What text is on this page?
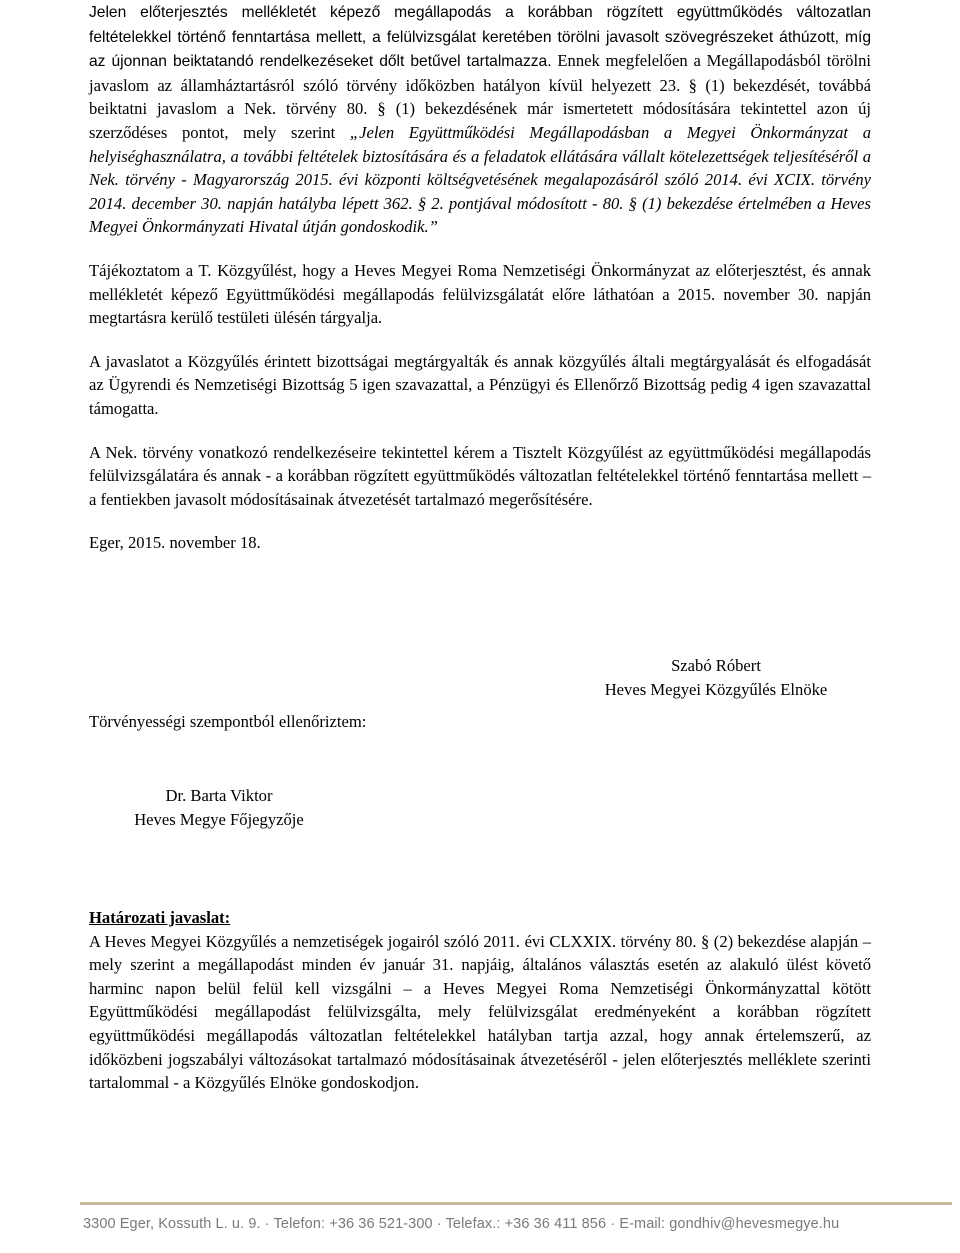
Jelen előterjesztés mellékletét képező megállapodás a korábban rögzített együttműködés változatlan feltételekkel történő fenntartása mellett, a felülvizsgálat keretében törölni javasolt szövegrészeket áthúzott, míg az újonnan beiktatandó rendelkezéseket dőlt betűvel tartalmazza. Ennek megfelelően a Megállapodásból törölni javaslom az államháztartásról szóló törvény időközben hatályon kívül helyezett 23. § (1) bekezdését, továbbá beiktatni javaslom a Nek. törvény 80. § (1) bekezdésének már ismertetett módosítására tekintettel azon új szerződéses pontot, mely szerint „Jelen Együttműködési Megállapodásban a Megyei Önkormányzat a helyiséghasználatra, a további feltételek biztosítására és a feladatok ellátására vállalt kötelezettségek teljesítéséről a Nek. törvény - Magyarország 2015. évi központi költségvetésének megalapozásáról szóló 2014. évi XCIX. törvény 2014. december 30. napján hatályba lépett 362. § 2. pontjával módosított - 80. § (1) bekezdése értelmében a Heves Megyei Önkormányzati Hivatal útján gondoskodik.”

Tájékoztatom a T. Közgyűlést, hogy a Heves Megyei Roma Nemzetiségi Önkormányzat az előterjesztést, és annak mellékletét képező Együttműködési megállapodás felülvizsgálatát előre láthatóan a 2015. november 30. napján megtartásra kerülő testületi ülésén tárgyalja.

A javaslatot a Közgyűlés érintett bizottságai megtárgyalták és annak közgyűlés általi megtárgyalását és elfogadását az Ügyrendi és Nemzetiségi Bizottság 5 igen szavazattal, a Pénzügyi és Ellenőrző Bizottság pedig 4 igen szavazattal támogatta.

A Nek. törvény vonatkozó rendelkezéseire tekintettel kérem a Tisztelt Közgyűlést az együttműködési megállapodás felülvizsgálatára és annak - a korábban rögzített együttműködés változatlan feltételekkel történő fenntartása mellett – a fentiekben javasolt módosításainak átvezetését tartalmazó megerősítésére.

Eger, 2015. november 18.

Szabó Róbert

Heves Megyei Közgyűlés Elnöke

Törvényességi szempontból ellenőriztem:

Dr. Barta Viktor

Heves Megye Főjegyzője

Határozati javaslat:

A Heves Megyei Közgyűlés a nemzetiségek jogairól szóló 2011. évi CLXXIX. törvény 80. § (2) bekezdése alapján – mely szerint a megállapodást minden év január 31. napjáig, általános választás esetén az alakuló ülést követő harminc napon belül felül kell vizsgálni – a Heves Megyei Roma Nemzetiségi Önkormányzattal kötött Együttműködési megállapodást felülvizsgálta, mely felülvizsgálat eredményeként a korábban rögzített együttműködési megállapodás változatlan feltételekkel hatályban tartja azzal, hogy annak értelemszerű, az időközbeni jogszabályi változásokat tartalmazó módosításainak átvezetéséről - jelen előterjesztés melléklete szerinti tartalommal - a Közgyűlés Elnöke gondoskodjon.

3300 Eger, Kossuth L. u. 9. · Telefon: +36 36 521-300 · Telefax.: +36 36 411 856 · E-mail: gondhiv@hevesmegye.hu
